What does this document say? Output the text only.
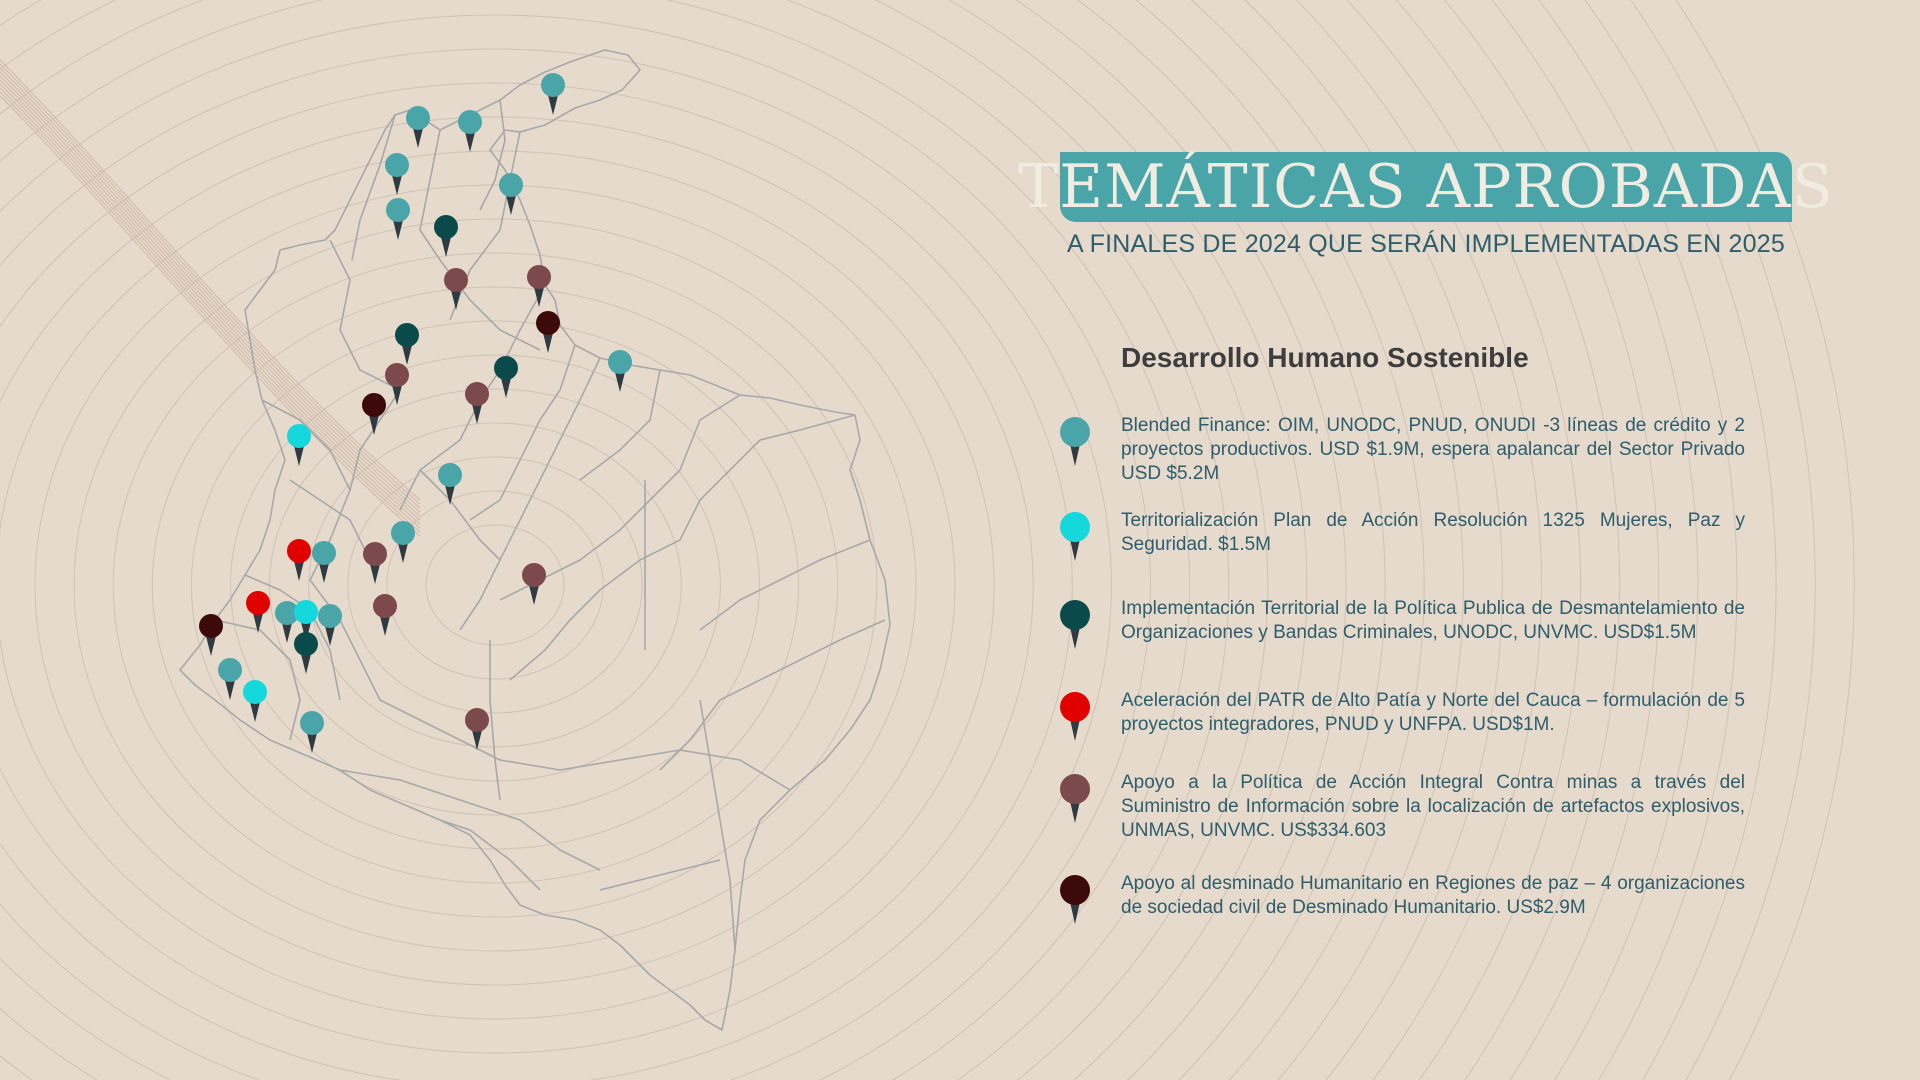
TEMÁTICAS APROBADAS
A FINALES DE 2024 QUE SERÁN IMPLEMENTADAS EN 2025
Desarrollo Humano Sostenible
Blended Finance: OIM, UNODC, PNUD, ONUDI -3 líneas de crédito y 2 proyectos productivos. USD $1.9M, espera apalancar del Sector Privado USD $5.2M
Territorialización Plan de Acción Resolución 1325 Mujeres, Paz y Seguridad. $1.5M
Implementación Territorial de la Política Publica de Desmantelamiento de Organizaciones y Bandas Criminales, UNODC, UNVMC. USD$1.5M
Aceleración del PATR de Alto Patía y Norte del Cauca – formulación de 5 proyectos integradores, PNUD y UNFPA. USD$1M.
Apoyo a la Política de Acción Integral Contra minas a través del Suministro de Información sobre la localización de artefactos explosivos, UNMAS, UNVMC. US$334.603
Apoyo al desminado Humanitario en Regiones de paz – 4 organizaciones de sociedad civil de Desminado Humanitario. US$2.9M
